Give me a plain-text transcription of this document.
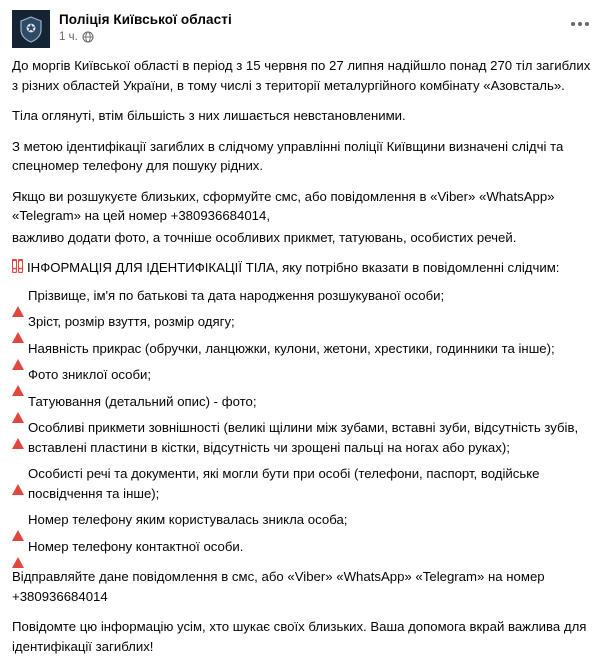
Поліція Київської області
1 ч.

До моргів Київської області в період з 15 червня по 27 липня надійшло понад 270 тіл загиблих з різних областей України, в тому числі з території металургійного комбінату «Азовсталь».

Тіла оглянуті, втім більшість з них лишається невстановленими.

З метою ідентифікації загиблих в слідчому управлінні поліції Київщини визначені слідчі та спецномер телефону для пошуку рідних.

Якщо ви розшукуєте близьких, сформуйте смс, або повідомлення в «Viber» «WhatsApp» «Telegram» на цей номер +380936684014,

важливо додати фото, а точніше особливих прикмет, татуювань, особистих речей.

ІНФОРМАЦІЯ ДЛЯ ІДЕНТИФІКАЦІЇ ТІЛА, яку потрібно вказати в повідомленні слідчим:
Прізвище, ім'я по батькові та дата народження розшукуваної особи;
Зріст, розмір взуття, розмір одягу;
Наявність прикрас (обручки, ланцюжки, кулони, жетони, хрестики, годинники та інше);
Фото зниклої особи;
Татуювання (детальний опис) - фото;
Особливі прикмети зовнішності (великі щілини між зубами, вставні зуби, відсутність зубів, вставлені пластини в кістки, відсутність чи зрощені пальці на ногах або руках);
Особисті речі та документи, які могли бути при особі (телефони, паспорт, водійське посвідчення та інше);
Номер телефону яким користувалась зникла особа;
Номер телефону контактної особи.

Відправляйте дане повідомлення в смс, або «Viber» «WhatsApp» «Telegram» на номер +380936684014

Повідомте цю інформацію усім, хто шукає своїх близьких. Ваша допомога вкрай важлива для ідентифікації загиблих!
